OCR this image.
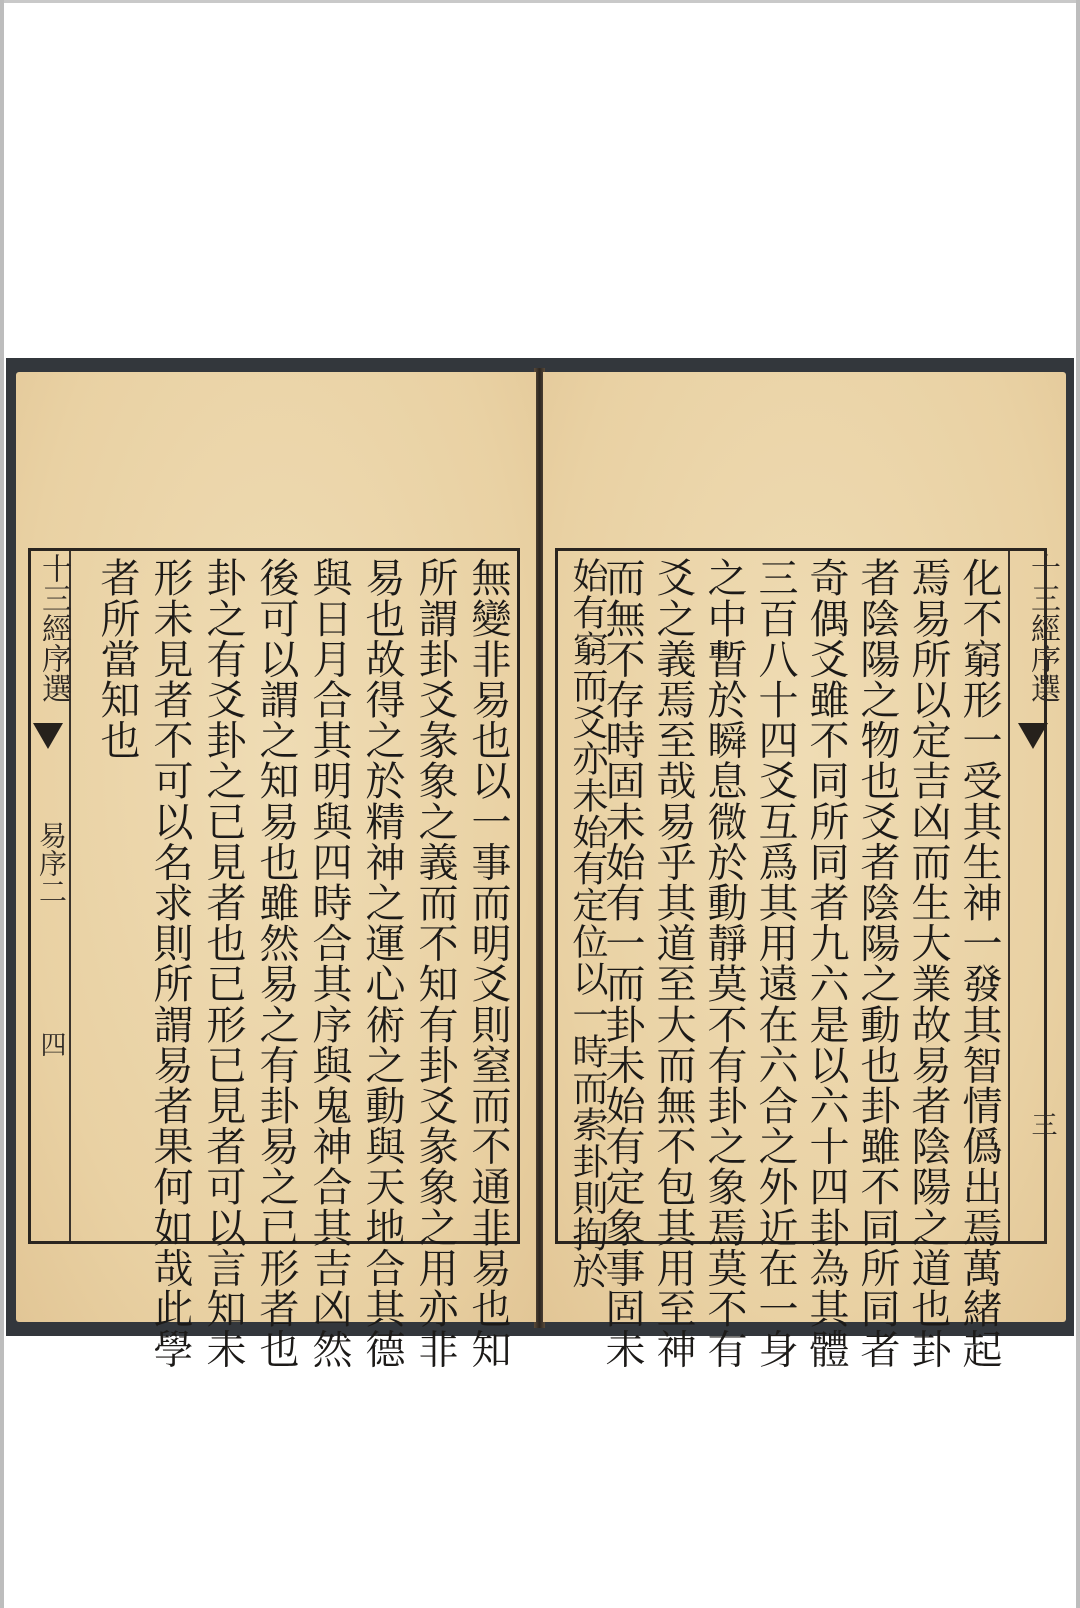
無變非易也以一事而明爻則窒而不通非易也知
所謂卦爻彖象之義而不知有卦爻彖象之用亦非
易也故得之於精神之運心術之動與天地合其德
與日月合其明與四時合其序與鬼神合其吉凶然
後可以謂之知易也雖然易之有卦易之已形者也
卦之有爻卦之已見者也已形已見者可以言知未
形未見者不可以名求則所謂易者果何如哉此學
者所當知也
十三經序選
易序二
四
十三經序選
三
化不窮形一受其生神一發其智情僞出焉萬緒起
焉易所以定吉凶而生大業故易者陰陽之道也卦
者陰陽之物也爻者陰陽之動也卦雖不同所同者
奇偶爻雖不同所同者九六是以六十四卦為其體
三百八十四爻互爲其用遠在六合之外近在一身
之中暫於瞬息微於動靜莫不有卦之象焉莫不有
爻之義焉至哉易乎其道至大而無不包其用至神
而無不存時固未始有一而卦未始有定象事固未
始有窮而爻亦未始有定位以一時而索卦則拘於
